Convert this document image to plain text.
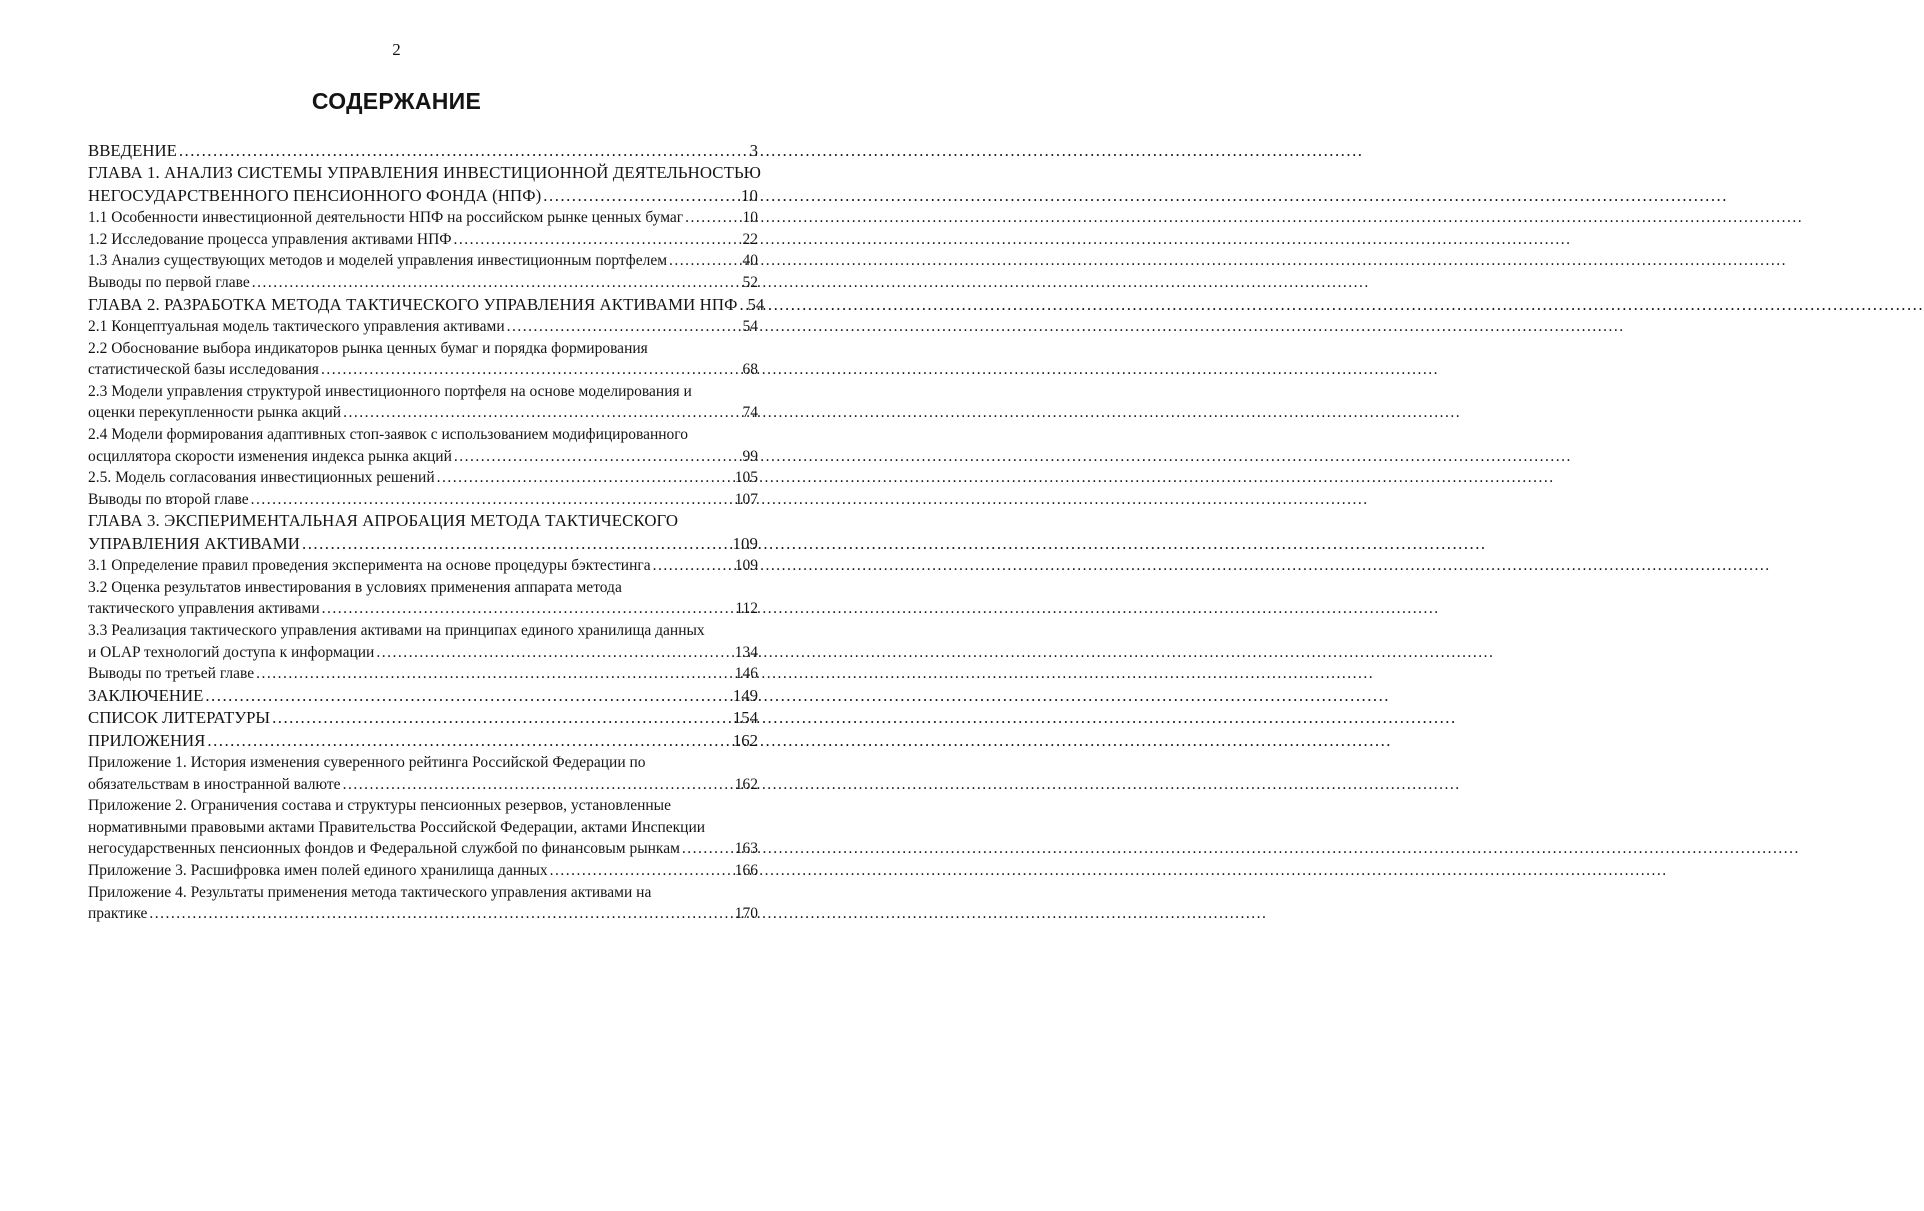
2
СОДЕРЖАНИЕ
ВВЕДЕНИЕ .....	3
ГЛАВА 1. АНАЛИЗ СИСТЕМЫ УПРАВЛЕНИЯ ИНВЕСТИЦИОННОЙ ДЕЯТЕЛЬНОСТЬЮ
НЕГОСУДАРСТВЕННОГО ПЕНСИОННОГО ФОНДА (НПФ) .....	10
1.1 Особенности инвестиционной деятельности НПФ на российском рынке ценных бумаг .....	10
1.2 Исследование процесса управления активами НПФ .....	22
1.3 Анализ существующих методов и моделей управления инвестиционным портфелем .....	40
Выводы по первой главе .....	52
ГЛАВА 2. РАЗРАБОТКА МЕТОДА ТАКТИЧЕСКОГО УПРАВЛЕНИЯ АКТИВАМИ НПФ ..... 54
2.1 Концептуальная модель тактического управления активами .....	54
2.2 Обоснование выбора индикаторов рынка ценных бумаг и порядка формирования
статистической базы исследования .....	68
2.3 Модели управления структурой инвестиционного портфеля на основе моделирования и
оценки перекупленности рынка акций .....	74
2.4 Модели формирования адаптивных стоп-заявок с использованием модифицированного
осциллятора скорости изменения индекса рынка акций .....	99
2.5. Модель согласования инвестиционных решений .....	105
Выводы по второй главе .....	107
ГЛАВА 3. ЭКСПЕРИМЕНТАЛЬНАЯ АПРОБАЦИЯ МЕТОДА ТАКТИЧЕСКОГО
УПРАВЛЕНИЯ АКТИВАМИ .....	109
3.1 Определение правил проведения эксперимента на основе процедуры бэктестинга .....	109
3.2 Оценка результатов инвестирования в условиях применения аппарата метода
тактического управления активами .....	112
3.3 Реализация тактического управления активами на принципах единого хранилища данных
и OLAP технологий доступа к информации .....	134
Выводы по третьей главе .....	146
ЗАКЛЮЧЕНИЕ .....	149
СПИСОК ЛИТЕРАТУРЫ .....	154
ПРИЛОЖЕНИЯ .....	162
Приложение 1. История изменения суверенного рейтинга Российской Федерации по
обязательствам в иностранной валюте .....	162
Приложение 2. Ограничения состава и структуры пенсионных резервов, установленные
нормативными правовыми актами Правительства Российской Федерации, актами Инспекции
негосударственных пенсионных фондов и Федеральной службой по финансовым рынкам .....	163
Приложение 3. Расшифровка имен полей единого хранилища данных .....	166
Приложение 4. Результаты применения метода тактического управления активами на
практике .....	170
